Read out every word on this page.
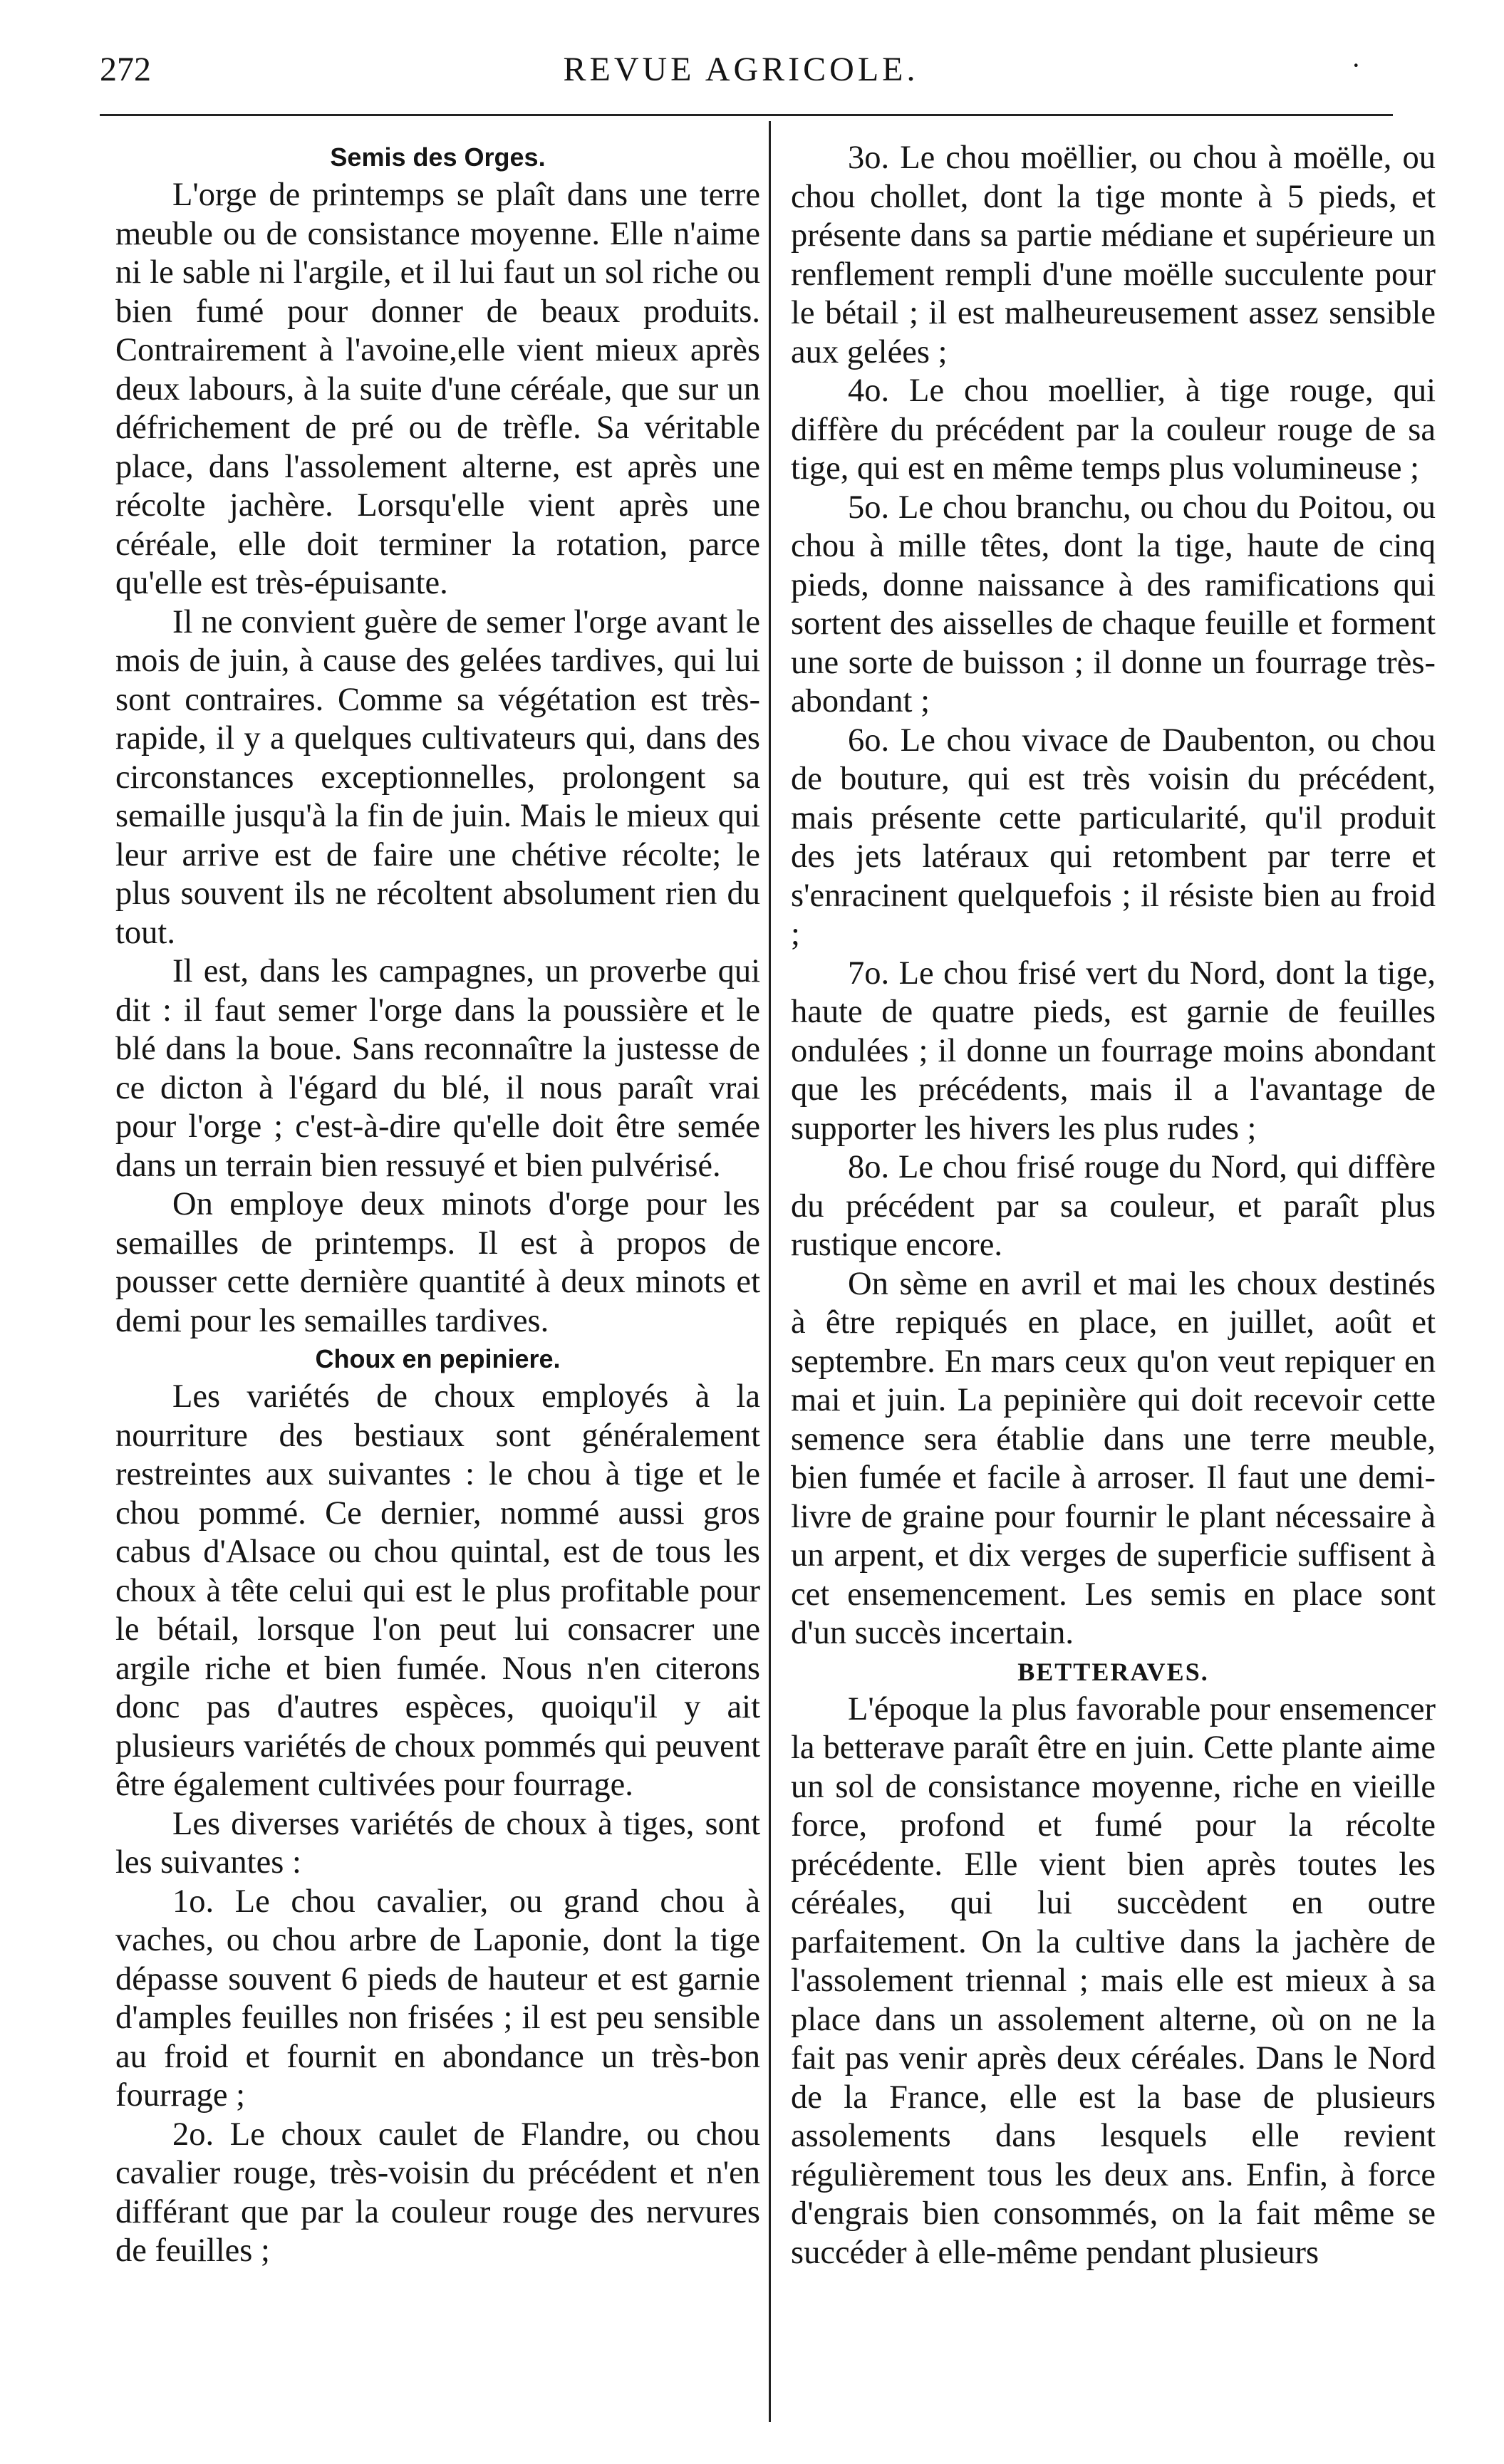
272	REVUE AGRICOLE.	·

Semis des Orges.

L'orge de printemps se plaît dans une terre meuble ou de consistance moyenne. Elle n'aime ni le sable ni l'argile, et il lui faut un sol riche ou bien fumé pour donner de beaux produits. Contrairement à l'avoine,elle vient mieux après deux labours, à la suite d'une céréale, que sur un défrichement de pré ou de trèfle. Sa véritable place, dans l'assolement alterne, est après une récolte jachère. Lorsqu'elle vient après une céréale, elle doit terminer la rotation, parce qu'elle est très-épuisante.

Il ne convient guère de semer l'orge avant le mois de juin, à cause des gelées tardives, qui lui sont contraires. Comme sa végétation est très-rapide, il y a quelques cultivateurs qui, dans des circonstances exceptionnelles, prolongent sa semaille jusqu'à la fin de juin. Mais le mieux qui leur arrive est de faire une chétive récolte; le plus souvent ils ne récoltent absolument rien du tout.

Il est, dans les campagnes, un proverbe qui dit : il faut semer l'orge dans la poussière et le blé dans la boue. Sans reconnaître la justesse de ce dicton à l'égard du blé, il nous paraît vrai pour l'orge ; c'est-à-dire qu'elle doit être semée dans un terrain bien ressuyé et bien pulvérisé.

On employe deux minots d'orge pour les semailles de printemps. Il est à propos de pousser cette dernière quantité à deux minots et demi pour les semailles tardives.

Choux en pepiniere.

Les variétés de choux employés à la nourriture des bestiaux sont généralement restreintes aux suivantes : le chou à tige et le chou pommé. Ce dernier, nommé aussi gros cabus d'Alsace ou chou quintal, est de tous les choux à tête celui qui est le plus profitable pour le bétail, lorsque l'on peut lui consacrer une argile riche et bien fumée. Nous n'en citerons donc pas d'autres espèces, quoiqu'il y ait plusieurs variétés de choux pommés qui peuvent être également cultivées pour fourrage.

Les diverses variétés de choux à tiges, sont les suivantes :

1o. Le chou cavalier, ou grand chou à vaches, ou chou arbre de Laponie, dont la tige dépasse souvent 6 pieds de hauteur et est garnie d'amples feuilles non frisées ; il est peu sensible au froid et fournit en abondance un très-bon fourrage ;

2o. Le choux caulet de Flandre, ou chou cavalier rouge, très-voisin du précédent et n'en différant que par la couleur rouge des nervures de feuilles ;

3o. Le chou moëllier, ou chou à moëlle, ou chou chollet, dont la tige monte à 5 pieds, et présente dans sa partie médiane et supérieure un renflement rempli d'une moëlle succulente pour le bétail ; il est malheureusement assez sensible aux gelées ;

4o. Le chou moellier, à tige rouge, qui diffère du précédent par la couleur rouge de sa tige, qui est en même temps plus volumineuse ;

5o. Le chou branchu, ou chou du Poitou, ou chou à mille têtes, dont la tige, haute de cinq pieds, donne naissance à des ramifications qui sortent des aisselles de chaque feuille et forment une sorte de buisson ; il donne un fourrage très-abondant ;

6o. Le chou vivace de Daubenton, ou chou de bouture, qui est très voisin du précédent, mais présente cette particularité, qu'il produit des jets latéraux qui retombent par terre et s'enracinent quelquefois ; il résiste bien au froid ;

7o. Le chou frisé vert du Nord, dont la tige, haute de quatre pieds, est garnie de feuilles ondulées ; il donne un fourrage moins abondant que les précédents, mais il a l'avantage de supporter les hivers les plus rudes ;

8o. Le chou frisé rouge du Nord, qui diffère du précédent par sa couleur, et paraît plus rustique encore.

On sème en avril et mai les choux destinés à être repiqués en place, en juillet, août et septembre. En mars ceux qu'on veut repiquer en mai et juin. La pepinière qui doit recevoir cette semence sera établie dans une terre meuble, bien fumée et facile à arroser. Il faut une demi-livre de graine pour fournir le plant nécessaire à un arpent, et dix verges de superficie suffisent à cet ensemencement. Les semis en place sont d'un succès incertain.

BETTERAVES.

L'époque la plus favorable pour ensemencer la betterave paraît être en juin. Cette plante aime un sol de consistance moyenne, riche en vieille force, profond et fumé pour la récolte précédente. Elle vient bien après toutes les céréales, qui lui succèdent en outre parfaitement. On la cultive dans la jachère de l'assolement triennal ; mais elle est mieux à sa place dans un assolement alterne, où on ne la fait pas venir après deux céréales. Dans le Nord de la France, elle est la base de plusieurs assolements dans lesquels elle revient régulièrement tous les deux ans. Enfin, à force d'engrais bien consommés, on la fait même se succéder à elle-même pendant plusieurs
